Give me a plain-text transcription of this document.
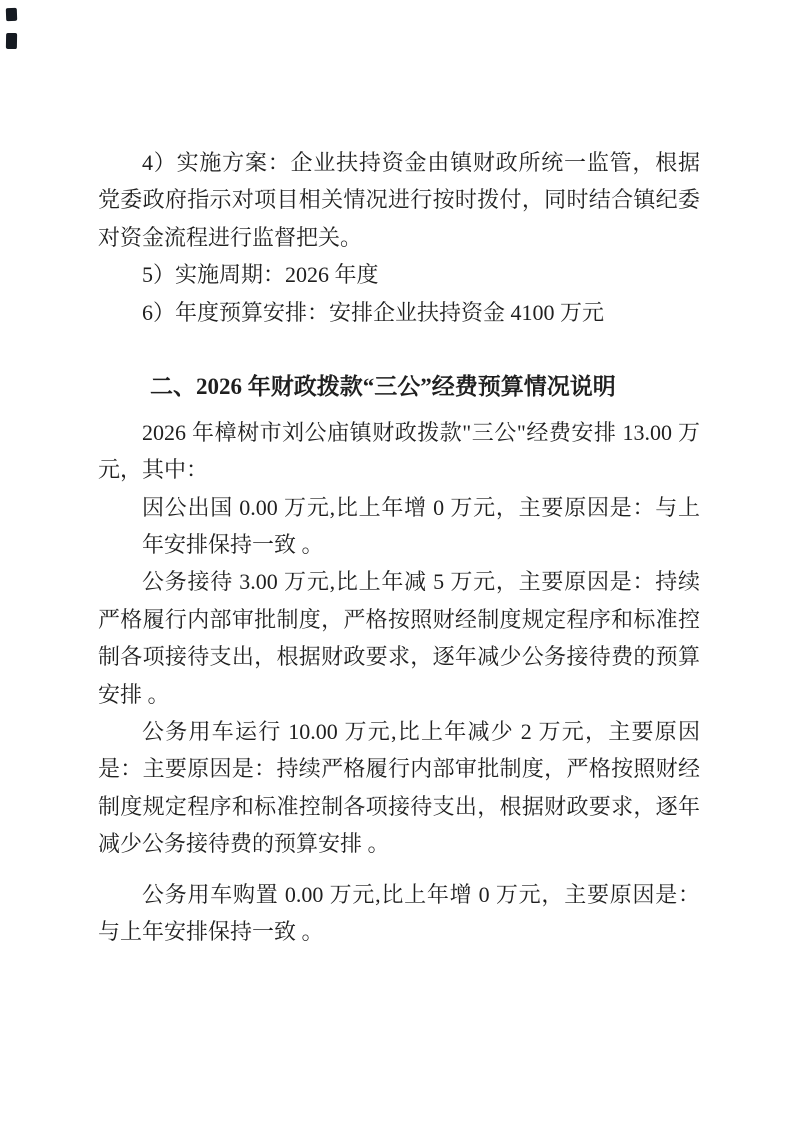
4）实施方案：企业扶持资金由镇财政所统一监管，根据党委政府指示对项目相关情况进行按时拨付，同时结合镇纪委对资金流程进行监督把关。

5）实施周期：2026 年度

6）年度预算安排：安排企业扶持资金 4100 万元

二、2026 年财政拨款“三公”经费预算情况说明

2026 年樟树市刘公庙镇财政拨款"三公"经费安排 13.00 万元，其中：

因公出国 0.00 万元,比上年增 0 万元，主要原因是：与上年安排保持一致 。

公务接待 3.00 万元,比上年减 5 万元，主要原因是：持续严格履行内部审批制度，严格按照财经制度规定程序和标准控制各项接待支出，根据财政要求，逐年减少公务接待费的预算安排 。

公务用车运行 10.00 万元,比上年减少 2 万元，主要原因是：主要原因是：持续严格履行内部审批制度，严格按照财经制度规定程序和标准控制各项接待支出，根据财政要求，逐年减少公务接待费的预算安排 。

公务用车购置 0.00 万元,比上年增 0 万元，主要原因是：与上年安排保持一致 。
